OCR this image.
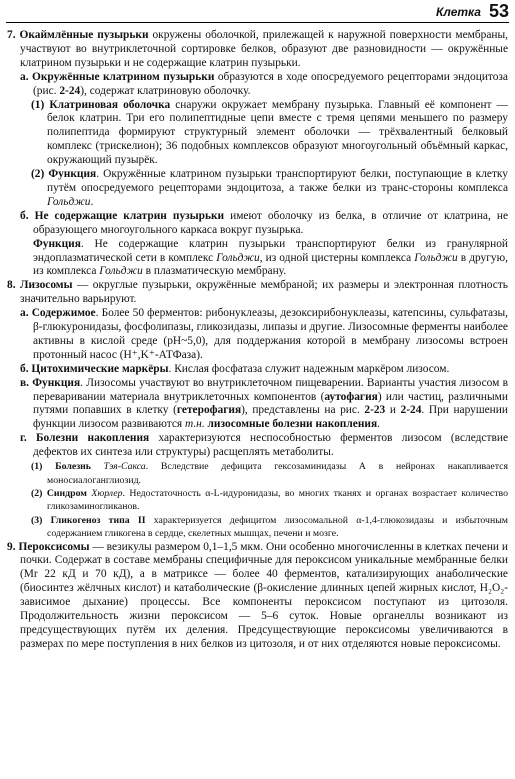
Клетка 53

7. Окаймлённые пузырьки окружены оболочкой, прилежащей к наружной поверхности мембраны, участвуют во внутриклеточной сортировке белков, образуют две разновидности — окружённые клатрином пузырьки и не содержащие клатрин пузырьки.

а. Окружённые клатрином пузырьки образуются в ходе опосредуемого рецепторами эндоцитоза (рис. 2-24), содержат клатриновую оболочку.

(1) Клатриновая оболочка снаружи окружает мембрану пузырька. Главный её компонент — белок клатрин. Три его полипептидные цепи вместе с тремя цепями меньшего по размеру полипептида формируют структурный элемент оболочки — трёхвалентный белковый комплекс (трискелион); 36 подобных комплексов образуют многоугольный объёмный каркас, окружающий пузырёк.

(2) Функция. Окружённые клатрином пузырьки транспортируют белки, поступающие в клетку путём опосредуемого рецепторами эндоцитоза, а также белки из транс-стороны комплекса Гольджи.

б. Не содержащие клатрин пузырьки имеют оболочку из белка, в отличие от клатрина, не образующего многоугольного каркаса вокруг пузырька.

Функция. Не содержащие клатрин пузырьки транспортируют белки из гранулярной эндоплазматической сети в комплекс Гольджи, из одной цистерны комплекса Гольджи в другую, из комплекса Гольджи в плазматическую мембрану.

8. Лизосомы — округлые пузырьки, окружённые мембраной; их размеры и электронная плотность значительно варьируют.

а. Содержимое. Более 50 ферментов: рибонуклеазы, дезоксирибонуклеазы, катепсины, сульфатазы, β-глюкуронидазы, фосфолипазы, гликозидазы, липазы и другие. Лизосомные ферменты наиболее активны в кислой среде (pH~5,0), для поддержания которой в мембрану лизосомы встроен протонный насос (H⁺,K⁺-АТФаза).

б. Цитохимические маркёры. Кислая фосфатаза служит надежным маркёром лизосом.

в. Функция. Лизосомы участвуют во внутриклеточном пищеварении. Варианты участия лизосом в переваривании материала внутриклеточных компонентов (аутофагия) или частиц, различными путями попавших в клетку (гетерофагия), представлены на рис. 2-23 и 2-24. При нарушении функции лизосом развиваются т.н. лизосомные болезни накопления.

г. Болезни накопления характеризуются неспособностью ферментов лизосом (вследствие дефектов их синтеза или структуры) расщеплять метаболиты.

(1) Болезнь Тэя-Сакса. Вследствие дефицита гексозаминидазы А в нейронах накапливается моносиалоганглиозид.

(2) Синдром Хюрлер. Недостаточность α-L-идуронидазы, во многих тканях и органах возрастает количество гликозаминогликанов.

(3) Гликогеноз типа II характеризуется дефицитом лизосомальной α-1,4-глюкозидазы и избыточным содержанием гликогена в сердце, скелетных мышцах, печени и мозге.

9. Пероксисомы — везикулы размером 0,1–1,5 мкм. Они особенно многочисленны в клетках печени и почки. Содержат в составе мембраны специфичные для пероксисом уникальные мембранные белки (Mr 22 кД и 70 кД), а в матриксе — более 40 ферментов, катализирующих анаболические (биосинтез жёлчных кислот) и катаболические (β-окисление длинных цепей жирных кислот, H₂O₂-зависимое дыхание) процессы. Все компоненты пероксисом поступают из цитозоля. Продолжительность жизни пероксисом — 5–6 суток. Новые органеллы возникают из предсуществующих путём их деления. Предсуществующие пероксисомы увеличиваются в размерах по мере поступления в них белков из цитозоля, и от них отделяются новые пероксисомы.
